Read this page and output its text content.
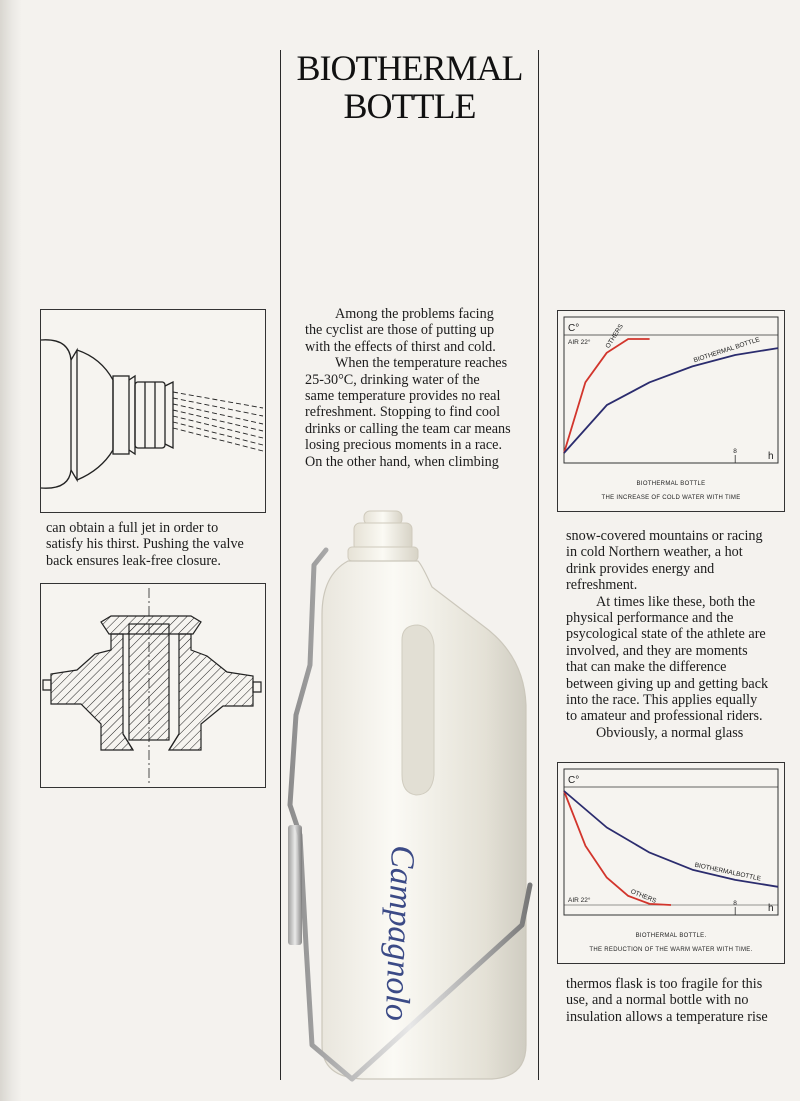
BIOTHERMAL
BOTTLE
Among the problems facing
the cyclist are those of putting up
with the effects of thirst and cold.
When the temperature reaches
25-30°C, drinking water of the
same temperature provides no real
refreshment. Stopping to find cool
drinks or calling the team car means
losing precious moments in a race.
On the other hand, when climbing
can obtain a full jet in order to
satisfy his thirst. Pushing the valve
back ensures leak-free closure.
C°
h
8
AIR 22° OTHERS	BIOTHERMAL BOTTLE
BIOTHERMAL BOTTLE
THE INCREASE OF COLD WATER WITH TIME
snow-covered mountains or racing
in cold Northern weather, a hot
drink provides energy and
refreshment.
At times like these, both the
physical performance and the
psycological state of the athlete are
involved, and they are moments
that can make the difference
between giving up and getting back
into the race. This applies equally
to amateur and professional riders.
Obviously, a normal glass
C°
h
8
AIR 22°	OTHERS
BIOTHERMALBOTTLE
BIOTHERMAL BOTTLE.
THE REDUCTION OF THE WARM WATER WITH TIME.
thermos flask is too fragile for this
use, and a normal bottle with no
insulation allows a temperature rise
Campagnolo
